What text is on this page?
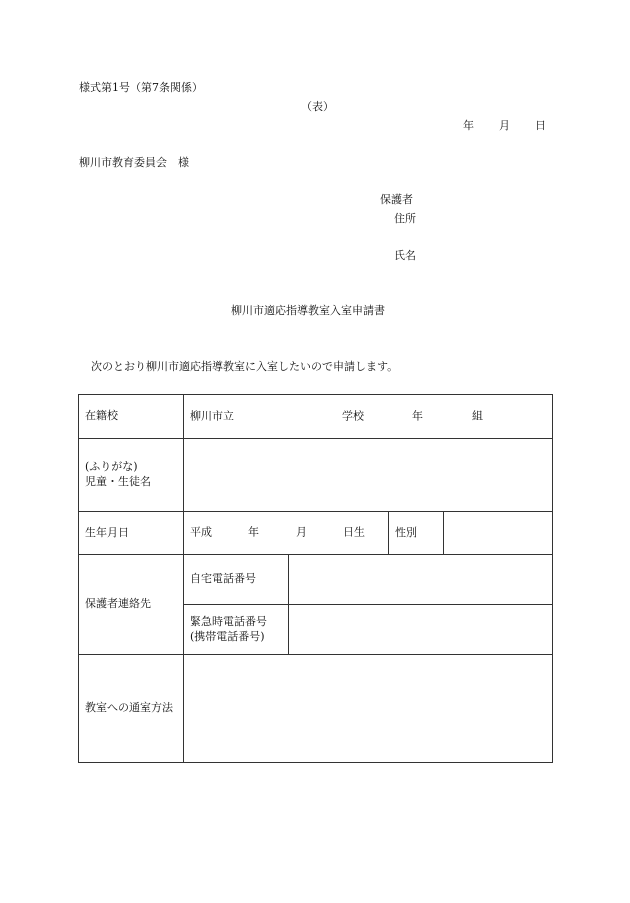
様式第1号（第7条関係）
（表）
年 月 日
柳川市教育委員会　様
保護者
住所
氏名
柳川市適応指導教室入室申請書
次のとおり柳川市適応指導教室に入室したいので申請します。
在籍校	柳川市立 学校 年 組			

(ふりがな)
児童・生徒名				

生年月日	平成 年 月 日生		性別	
保護者連絡先	自宅電話番号			

	緊急時電話番号
(携帯電話番号)			

教室への通室方法				
